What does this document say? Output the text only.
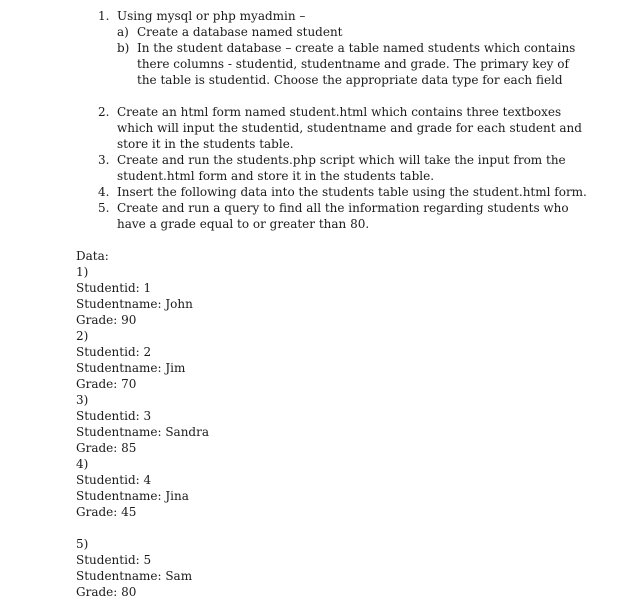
1. Using mysql or php myadmin –
a) Create a database named student
b) In the student database – create a table named students which contains
there columns - studentid, studentname and grade. The primary key of
the table is studentid. Choose the appropriate data type for each field
2. Create an html form named student.html which contains three textboxes
which will input the studentid, studentname and grade for each student and
store it in the students table.
3. Create and run the students.php script which will take the input from the
student.html form and store it in the students table.
4. Insert the following data into the students table using the student.html form.
5. Create and run a query to find all the information regarding students who
have a grade equal to or greater than 80.
Data:
1)
Studentid: 1
Studentname: John
Grade: 90
2)
Studentid: 2
Studentname: Jim
Grade: 70
3)
Studentid: 3
Studentname: Sandra
Grade: 85
4)
Studentid: 4
Studentname: Jina
Grade: 45
5)
Studentid: 5
Studentname: Sam
Grade: 80
